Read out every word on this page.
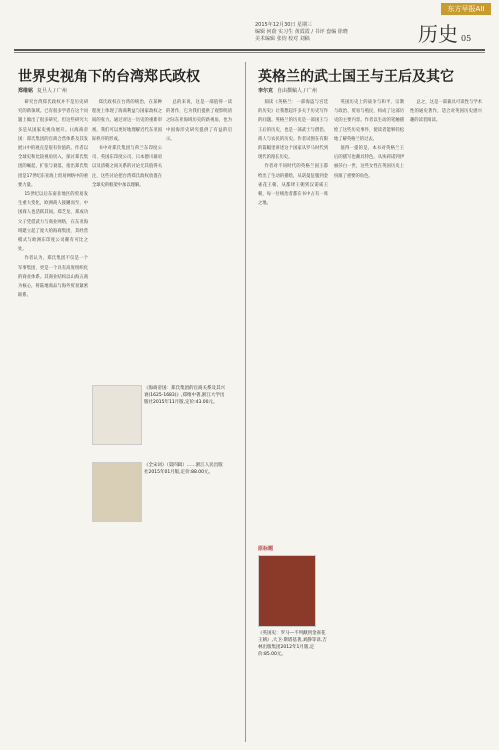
2015年12月30日 星期三
编辑 何蔚 实习生 黄霞霞 / 书评 套编 徐晓
美术编辑 张钧 校对 刘稿
东方早报AII
历史 05
世界史视角下的台湾郑氏政权
郑维铭 复旦人 / 广州

研究台湾郑氏政权并不是历史研究的新领域。已有很多学者在这个问题上做出了很多研究，但这些研究大多是从国家史视角展开。(《海商帝国：郑氏集团的官商合营体系及其发展》)中的观点是很有价值的。作者以全球史和比较视角切入，探讨郑氏集团的崛起、扩张与衰落，指出郑氏集团是17世纪东亚海上贸易网络中的重要力量。

15世纪以后东南亚地区的贸易发生重大变化，欧洲商人接踵而至，中国商人也活跃其间。郑芝龙、郑成功父子凭借武力与商业网络，在东亚海域建立起了庞大的海商集团，其经营模式与欧洲东印度公司颇有可比之处。

作者认为，郑氏集团不仅是一个军事集团，更是一个具有高度组织化的商业体系。其商业结构以山海五商为核心，将陆地商品与海外贸易紧密联系。

郑氏政权在台湾的统治，在某种程度上体现了海商利益与国家政权之间的张力。通过对这一历史的重新审视，我们可以更好地理解近代东亚国际秩序的形成。

书中对郑氏集团与荷兰东印度公司、英国东印度公司、日本德川幕府以及清朝之间关系的讨论尤其值得关注，这些讨论把台湾郑氏政权放置在全球史的框架中加以理解。

总的来说，这是一部值得一读的著作，它为我们提供了观察明清之际东亚海域历史的新视角，也为中国海洋史研究提供了有益的启示。

《海商帝国：郑氏集团的官商关系及其兴衰(1625-1683)》,郑维中著,浙江大学出版社2015年11月版,定价:43.00元。
《全宋词》（第四辑）……浙江人民出版社2015年01月版,定价:88.00元。
英格兰的武士国王与王后及其它
李尔克 自由撰稿人 / 广州

阅读《英格兰：一部海盗与宫廷的历史》让我想起许多关于历史写作的问题。英格兰的历史是一部国王与王后的历史，也是一部武士与僧侣、商人与农民的历史。作者试图在有限的篇幅里讲述这个国家从罗马时代到现代的漫长历史。

作者对不同时代的英格兰国王都给出了生动的描绘，从诺曼征服到金雀花王朝，从都铎王朝到汉诺威王朝，每一位统治者都在书中占有一席之地。

英国历史上的战争与和平、宗教与政治、贸易与殖民，构成了这部历史的主要内容。作者以生动的笔触描绘了这些历史事件，使读者能够轻松地了解英格兰的过去。

值得一提的是，本书对英格兰王后的描写也颇具特色。从埃莉诺到伊丽莎白一世，这些女性在英国历史上扮演了重要的角色。

总之，这是一部兼具可读性与学术性的通史著作，适合对英国历史感兴趣的读者阅读。

原标题
《英国史：罗马—不列颠到金雀花王朝》,大卫·斯塔基著,刘静等译,吉林出版集团2012年1月版,定价:85.00元。
